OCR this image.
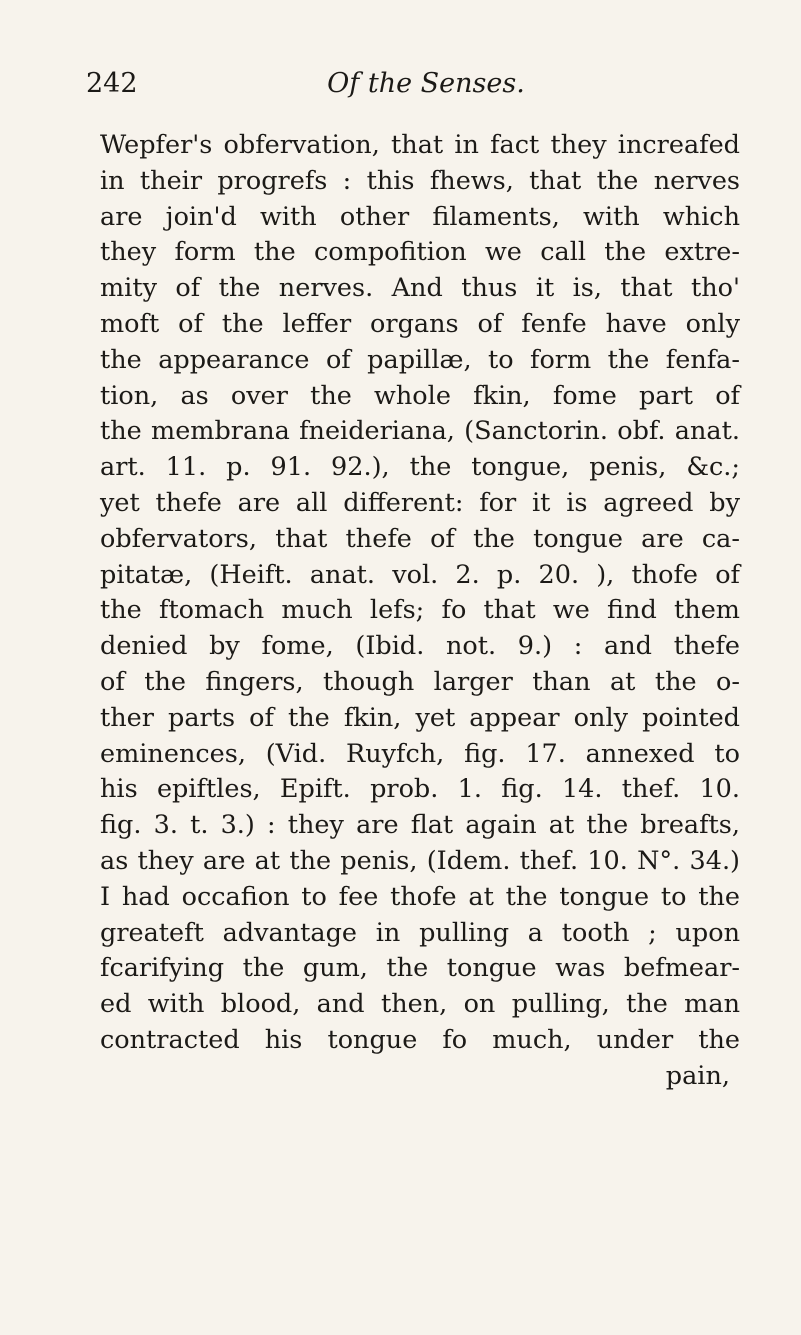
242	Of the Senses.
Wepfer's obfervation, that in fact they increafed
in their progrefs : this fhews, that the nerves
are join'd with other filaments, with which
they form the compofition we call the extre-
mity of the nerves. And thus it is, that tho'
moft of the leffer organs of fenfe have only
the appearance of papillæ, to form the fenfa-
tion, as over the whole fkin, fome part of
the membrana fneideriana, (Sanctorin. obf. anat.
art. 11. p. 91. 92.), the tongue, penis, &c.;
yet thefe are all different: for it is agreed by
obfervators, that thefe of the tongue are ca-
pitatæ, (Heift. anat. vol. 2. p. 20. ), thofe of
the ftomach much lefs; fo that we find them
denied by fome, (Ibid. not. 9.) : and thefe
of the fingers, though larger than at the o-
ther parts of the fkin, yet appear only pointed
eminences, (Vid. Ruyfch, fig. 17. annexed to
his epiftles, Epift. prob. 1. fig. 14. thef. 10.
fig. 3. t. 3.) : they are flat again at the breafts,
as they are at the penis, (Idem. thef. 10. N°. 34.)
I had occafion to fee thofe at the tongue to the
greateft advantage in pulling a tooth ; upon
fcarifying the gum, the tongue was befmear-
ed with blood, and then, on pulling, the man
contracted his tongue fo much, under the
pain,
